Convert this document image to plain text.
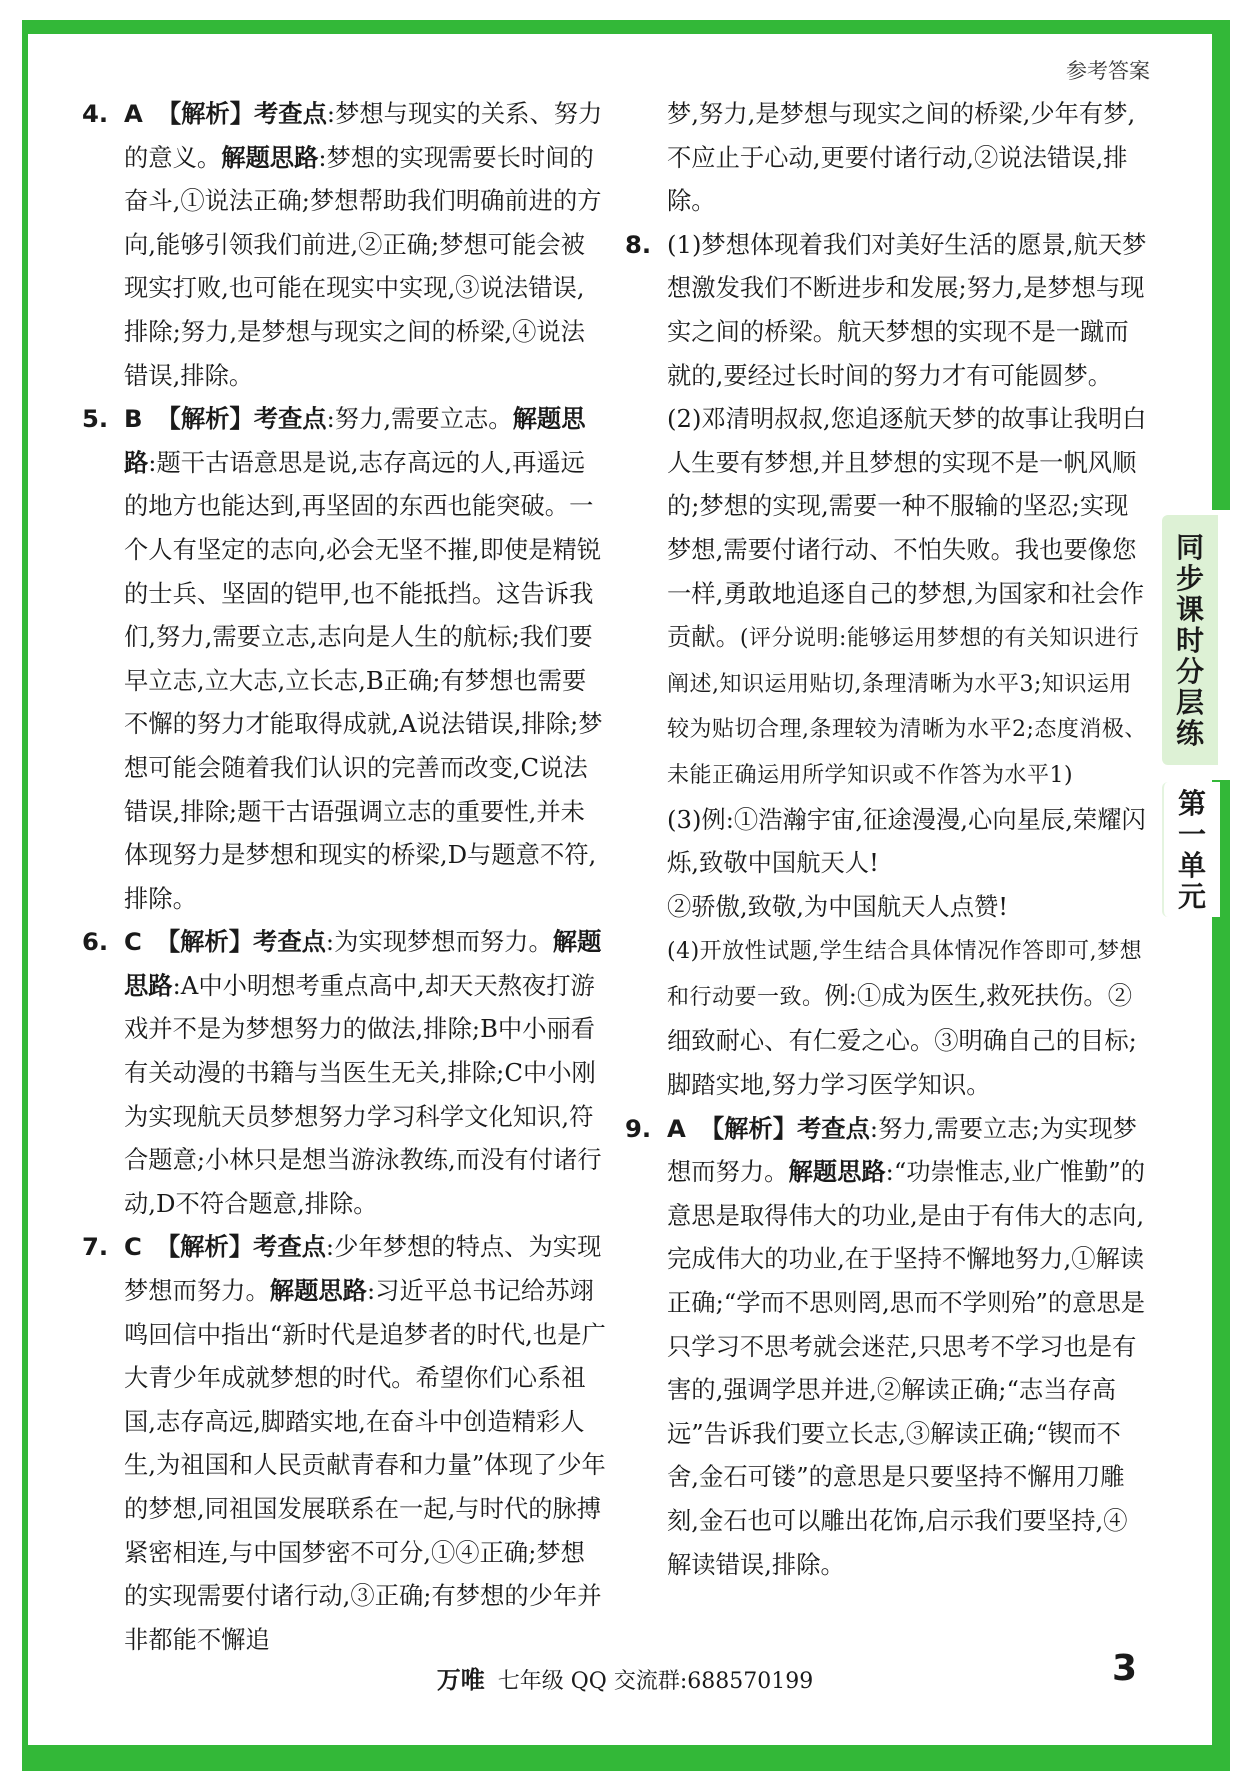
参考答案
同
步
课
时
分
层
练
第
一
单
元

4. A 【解析】考查点:梦想与现实的关系、努力的意义。解题思路:梦想的实现需要长时间的奋斗,①说法正确;梦想帮助我们明确前进的方向,能够引领我们前进,②正确;梦想可能会被现实打败,也可能在现实中实现,③说法错误,排除;努力,是梦想与现实之间的桥梁,④说法错误,排除。

5. B 【解析】考查点:努力,需要立志。解题思路:题干古语意思是说,志存高远的人,再遥远的地方也能达到,再坚固的东西也能突破。一个人有坚定的志向,必会无坚不摧,即使是精锐的士兵、坚固的铠甲,也不能抵挡。这告诉我们,努力,需要立志,志向是人生的航标;我们要早立志,立大志,立长志,B正确;有梦想也需要不懈的努力才能取得成就,A说法错误,排除;梦想可能会随着我们认识的完善而改变,C说法错误,排除;题干古语强调立志的重要性,并未体现努力是梦想和现实的桥梁,D与题意不符,排除。

6. C 【解析】考查点:为实现梦想而努力。解题思路:A中小明想考重点高中,却天天熬夜打游戏并不是为梦想努力的做法,排除;B中小丽看有关动漫的书籍与当医生无关,排除;C中小刚为实现航天员梦想努力学习科学文化知识,符合题意;小林只是想当游泳教练,而没有付诸行动,D不符合题意,排除。

7. C 【解析】考查点:少年梦想的特点、为实现梦想而努力。解题思路:习近平总书记给苏翊鸣回信中指出“新时代是追梦者的时代,也是广大青少年成就梦想的时代。希望你们心系祖国,志存高远,脚踏实地,在奋斗中创造精彩人生,为祖国和人民贡献青春和力量”体现了少年的梦想,同祖国发展联系在一起,与时代的脉搏紧密相连,与中国梦密不可分,①④正确;梦想的实现需要付诸行动,③正确;有梦想的少年并非都能不懈追

梦,努力,是梦想与现实之间的桥梁,少年有梦,不应止于心动,更要付诸行动,②说法错误,排除。

8. (1)梦想体现着我们对美好生活的愿景,航天梦想激发我们不断进步和发展;努力,是梦想与现实之间的桥梁。航天梦想的实现不是一蹴而就的,要经过长时间的努力才有可能圆梦。

(2)邓清明叔叔,您追逐航天梦的故事让我明白人生要有梦想,并且梦想的实现不是一帆风顺的;梦想的实现,需要一种不服输的坚忍;实现梦想,需要付诸行动、不怕失败。我也要像您一样,勇敢地追逐自己的梦想,为国家和社会作贡献。(评分说明:能够运用梦想的有关知识进行阐述,知识运用贴切,条理清晰为水平3;知识运用较为贴切合理,条理较为清晰为水平2;态度消极、未能正确运用所学知识或不作答为水平1)

(3)例:①浩瀚宇宙,征途漫漫,心向星辰,荣耀闪烁,致敬中国航天人!

②骄傲,致敬,为中国航天人点赞!

(4)开放性试题,学生结合具体情况作答即可,梦想和行动要一致。例:①成为医生,救死扶伤。②细致耐心、有仁爱之心。③明确自己的目标;脚踏实地,努力学习医学知识。

9. A 【解析】考查点:努力,需要立志;为实现梦想而努力。解题思路:“功崇惟志,业广惟勤”的意思是取得伟大的功业,是由于有伟大的志向,完成伟大的功业,在于坚持不懈地努力,①解读正确;“学而不思则罔,思而不学则殆”的意思是只学习不思考就会迷茫,只思考不学习也是有害的,强调学思并进,②解读正确;“志当存高远”告诉我们要立长志,③解读正确;“锲而不舍,金石可镂”的意思是只要坚持不懈用刀雕刻,金石也可以雕出花饰,启示我们要坚持,④解读错误,排除。

万唯 七年级 QQ 交流群:688570199	3
